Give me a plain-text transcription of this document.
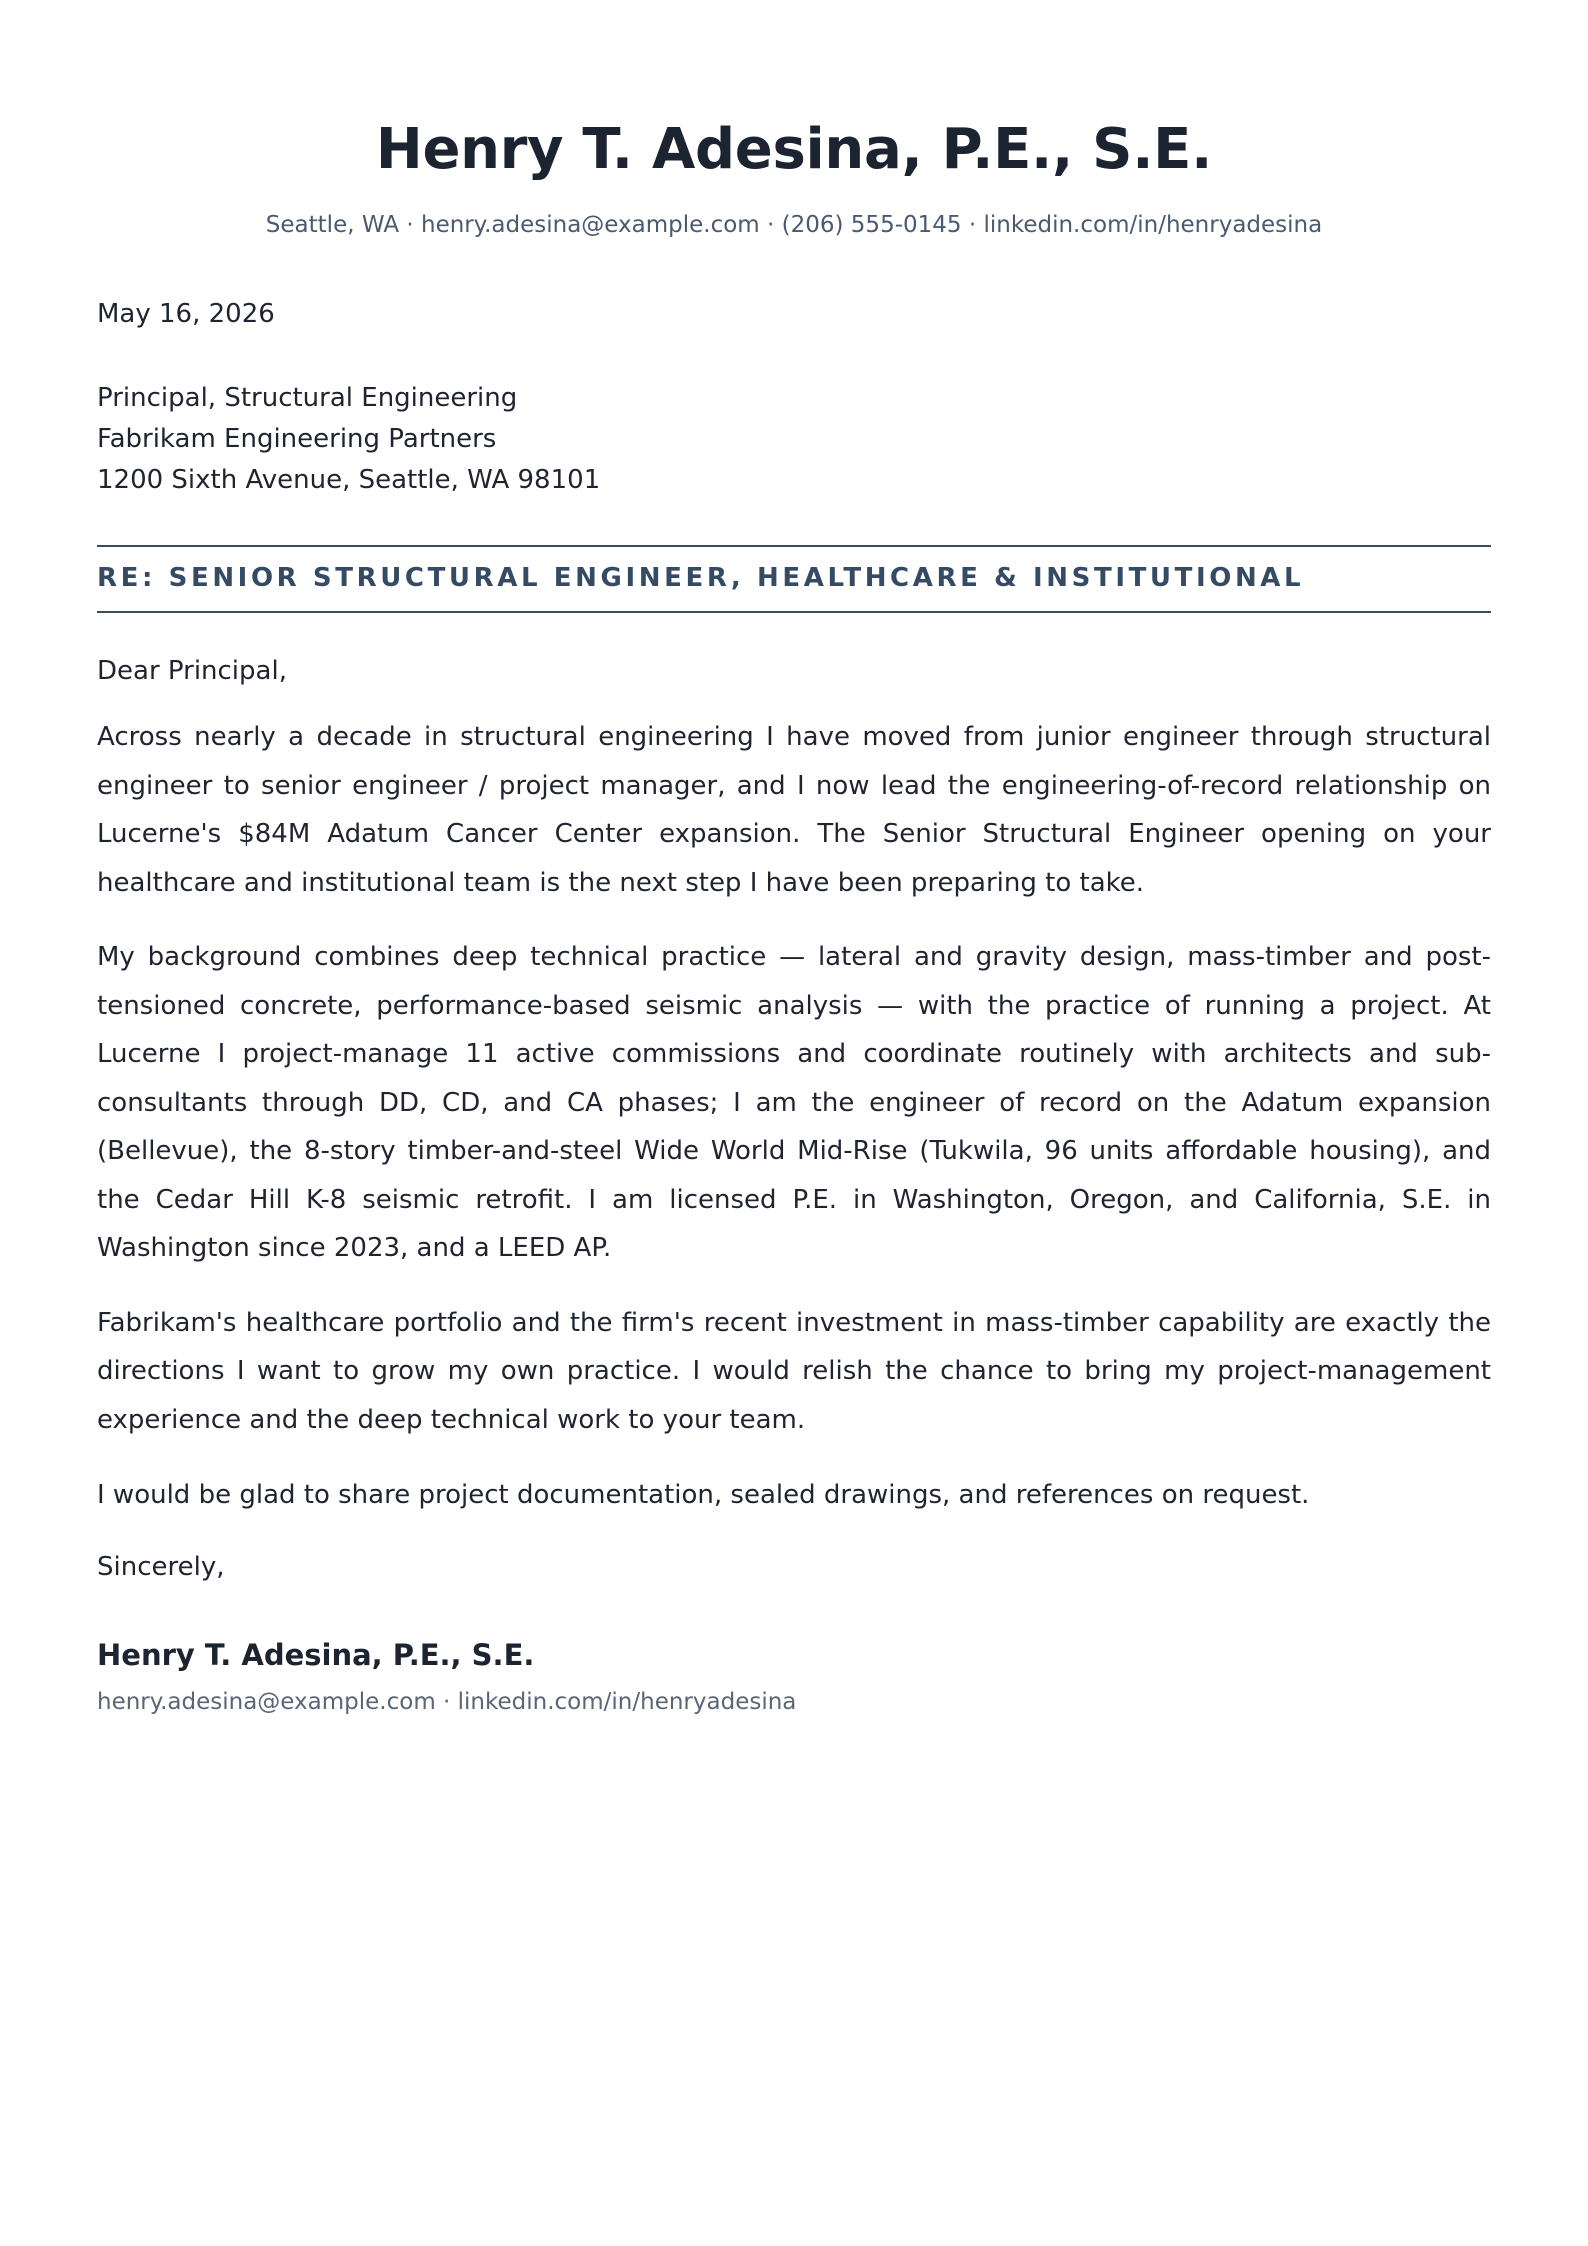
Henry T. Adesina, P.E., S.E.
Seattle, WA · henry.adesina@example.com · (206) 555-0145 · linkedin.com/in/henryadesina
May 16, 2026
Principal, Structural Engineering
Fabrikam Engineering Partners
1200 Sixth Avenue, Seattle, WA 98101
RE: SENIOR STRUCTURAL ENGINEER, HEALTHCARE & INSTITUTIONAL
Dear Principal,

Across nearly a decade in structural engineering I have moved from junior engineer through structural engineer to senior engineer / project manager, and I now lead the engineering-of-record relationship on Lucerne's $84M Adatum Cancer Center expansion. The Senior Structural Engineer opening on your healthcare and institutional team is the next step I have been preparing to take.

My background combines deep technical practice — lateral and gravity design, mass-timber and post-tensioned concrete, performance-based seismic analysis — with the practice of running a project. At Lucerne I project-manage 11 active commissions and coordinate routinely with architects and sub-consultants through DD, CD, and CA phases; I am the engineer of record on the Adatum expansion (Bellevue), the 8-story timber-and-steel Wide World Mid-Rise (Tukwila, 96 units affordable housing), and the Cedar Hill K-8 seismic retrofit. I am licensed P.E. in Washington, Oregon, and California, S.E. in Washington since 2023, and a LEED AP.

Fabrikam's healthcare portfolio and the firm's recent investment in mass-timber capability are exactly the directions I want to grow my own practice. I would relish the chance to bring my project-management experience and the deep technical work to your team.

I would be glad to share project documentation, sealed drawings, and references on request.

Sincerely,
Henry T. Adesina, P.E., S.E.
henry.adesina@example.com · linkedin.com/in/henryadesina
